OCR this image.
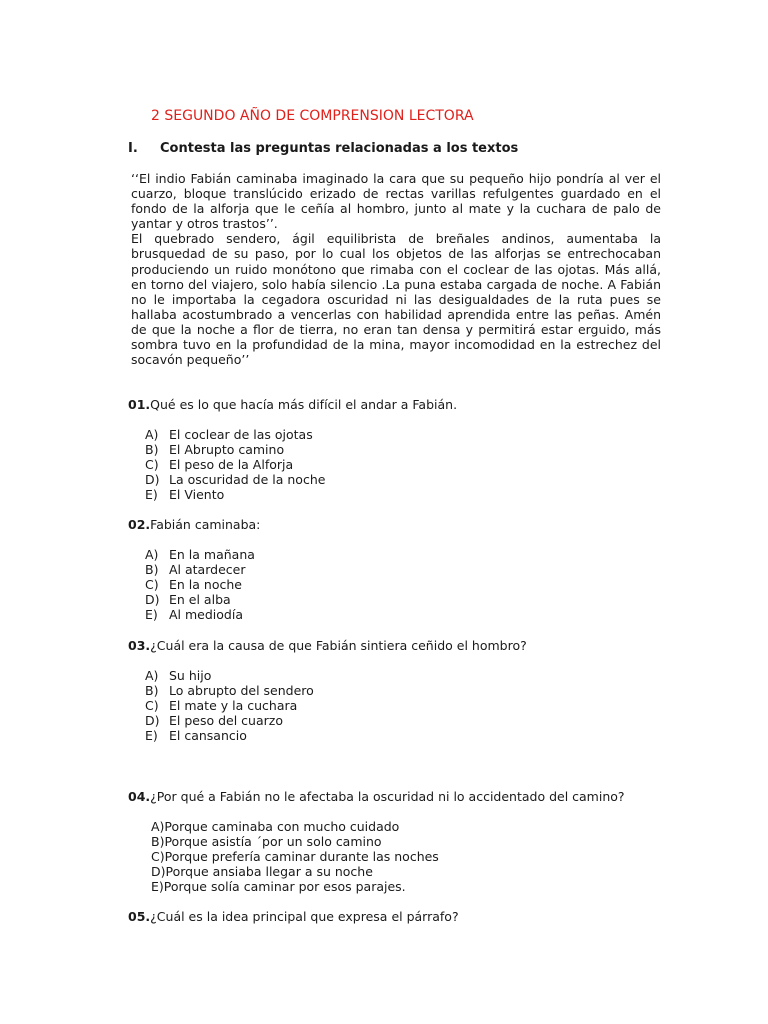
2 SEGUNDO AÑO DE COMPRENSION LECTORA
I. Contesta las preguntas relacionadas a los textos

‘‘El indio Fabián caminaba imaginado la cara que su pequeño hijo pondría al ver el cuarzo, bloque translúcido erizado de rectas varillas refulgentes guardado en el fondo de la alforja que le ceñía al hombro, junto al mate y la cuchara de palo de yantar y otros trastos’’.

El quebrado sendero, ágil equilibrista de breñales andinos, aumentaba la brusquedad de su paso, por lo cual los objetos de las alforjas se entrechocaban produciendo un ruido monótono que rimaba con el coclear de las ojotas. Más allá, en torno del viajero, solo había silencio .La puna estaba cargada de noche. A Fabián no le importaba la cegadora oscuridad ni las desigualdades de la ruta pues se hallaba acostumbrado a vencerlas con habilidad aprendida entre las peñas. Amén de que la noche a flor de tierra, no eran tan densa y permitirá estar erguido, más sombra tuvo en la profundidad de la mina, mayor incomodidad en la estrechez del socavón pequeño’’

01.Qué es lo que hacía más difícil el andar a Fabián.
A) El coclear de las ojotas
B) El Abrupto camino
C) El peso de la Alforja
D) La oscuridad de la noche
E) El Viento
02.Fabián caminaba:
A) En la mañana
B) Al atardecer
C) En la noche
D) En el alba
E) Al mediodía
03.¿Cuál era la causa de que Fabián sintiera ceñido el hombro?
A) Su hijo
B) Lo abrupto del sendero
C) El mate y la cuchara
D) El peso del cuarzo
E) El cansancio
04.¿Por qué a Fabián no le afectaba la oscuridad ni lo accidentado del camino?
A)Porque caminaba con mucho cuidado
B)Porque asistía ´por un solo camino
C)Porque prefería caminar durante las noches
D)Porque ansiaba llegar a su noche
E)Porque solía caminar por esos parajes.
05.¿Cuál es la idea principal que expresa el párrafo?
